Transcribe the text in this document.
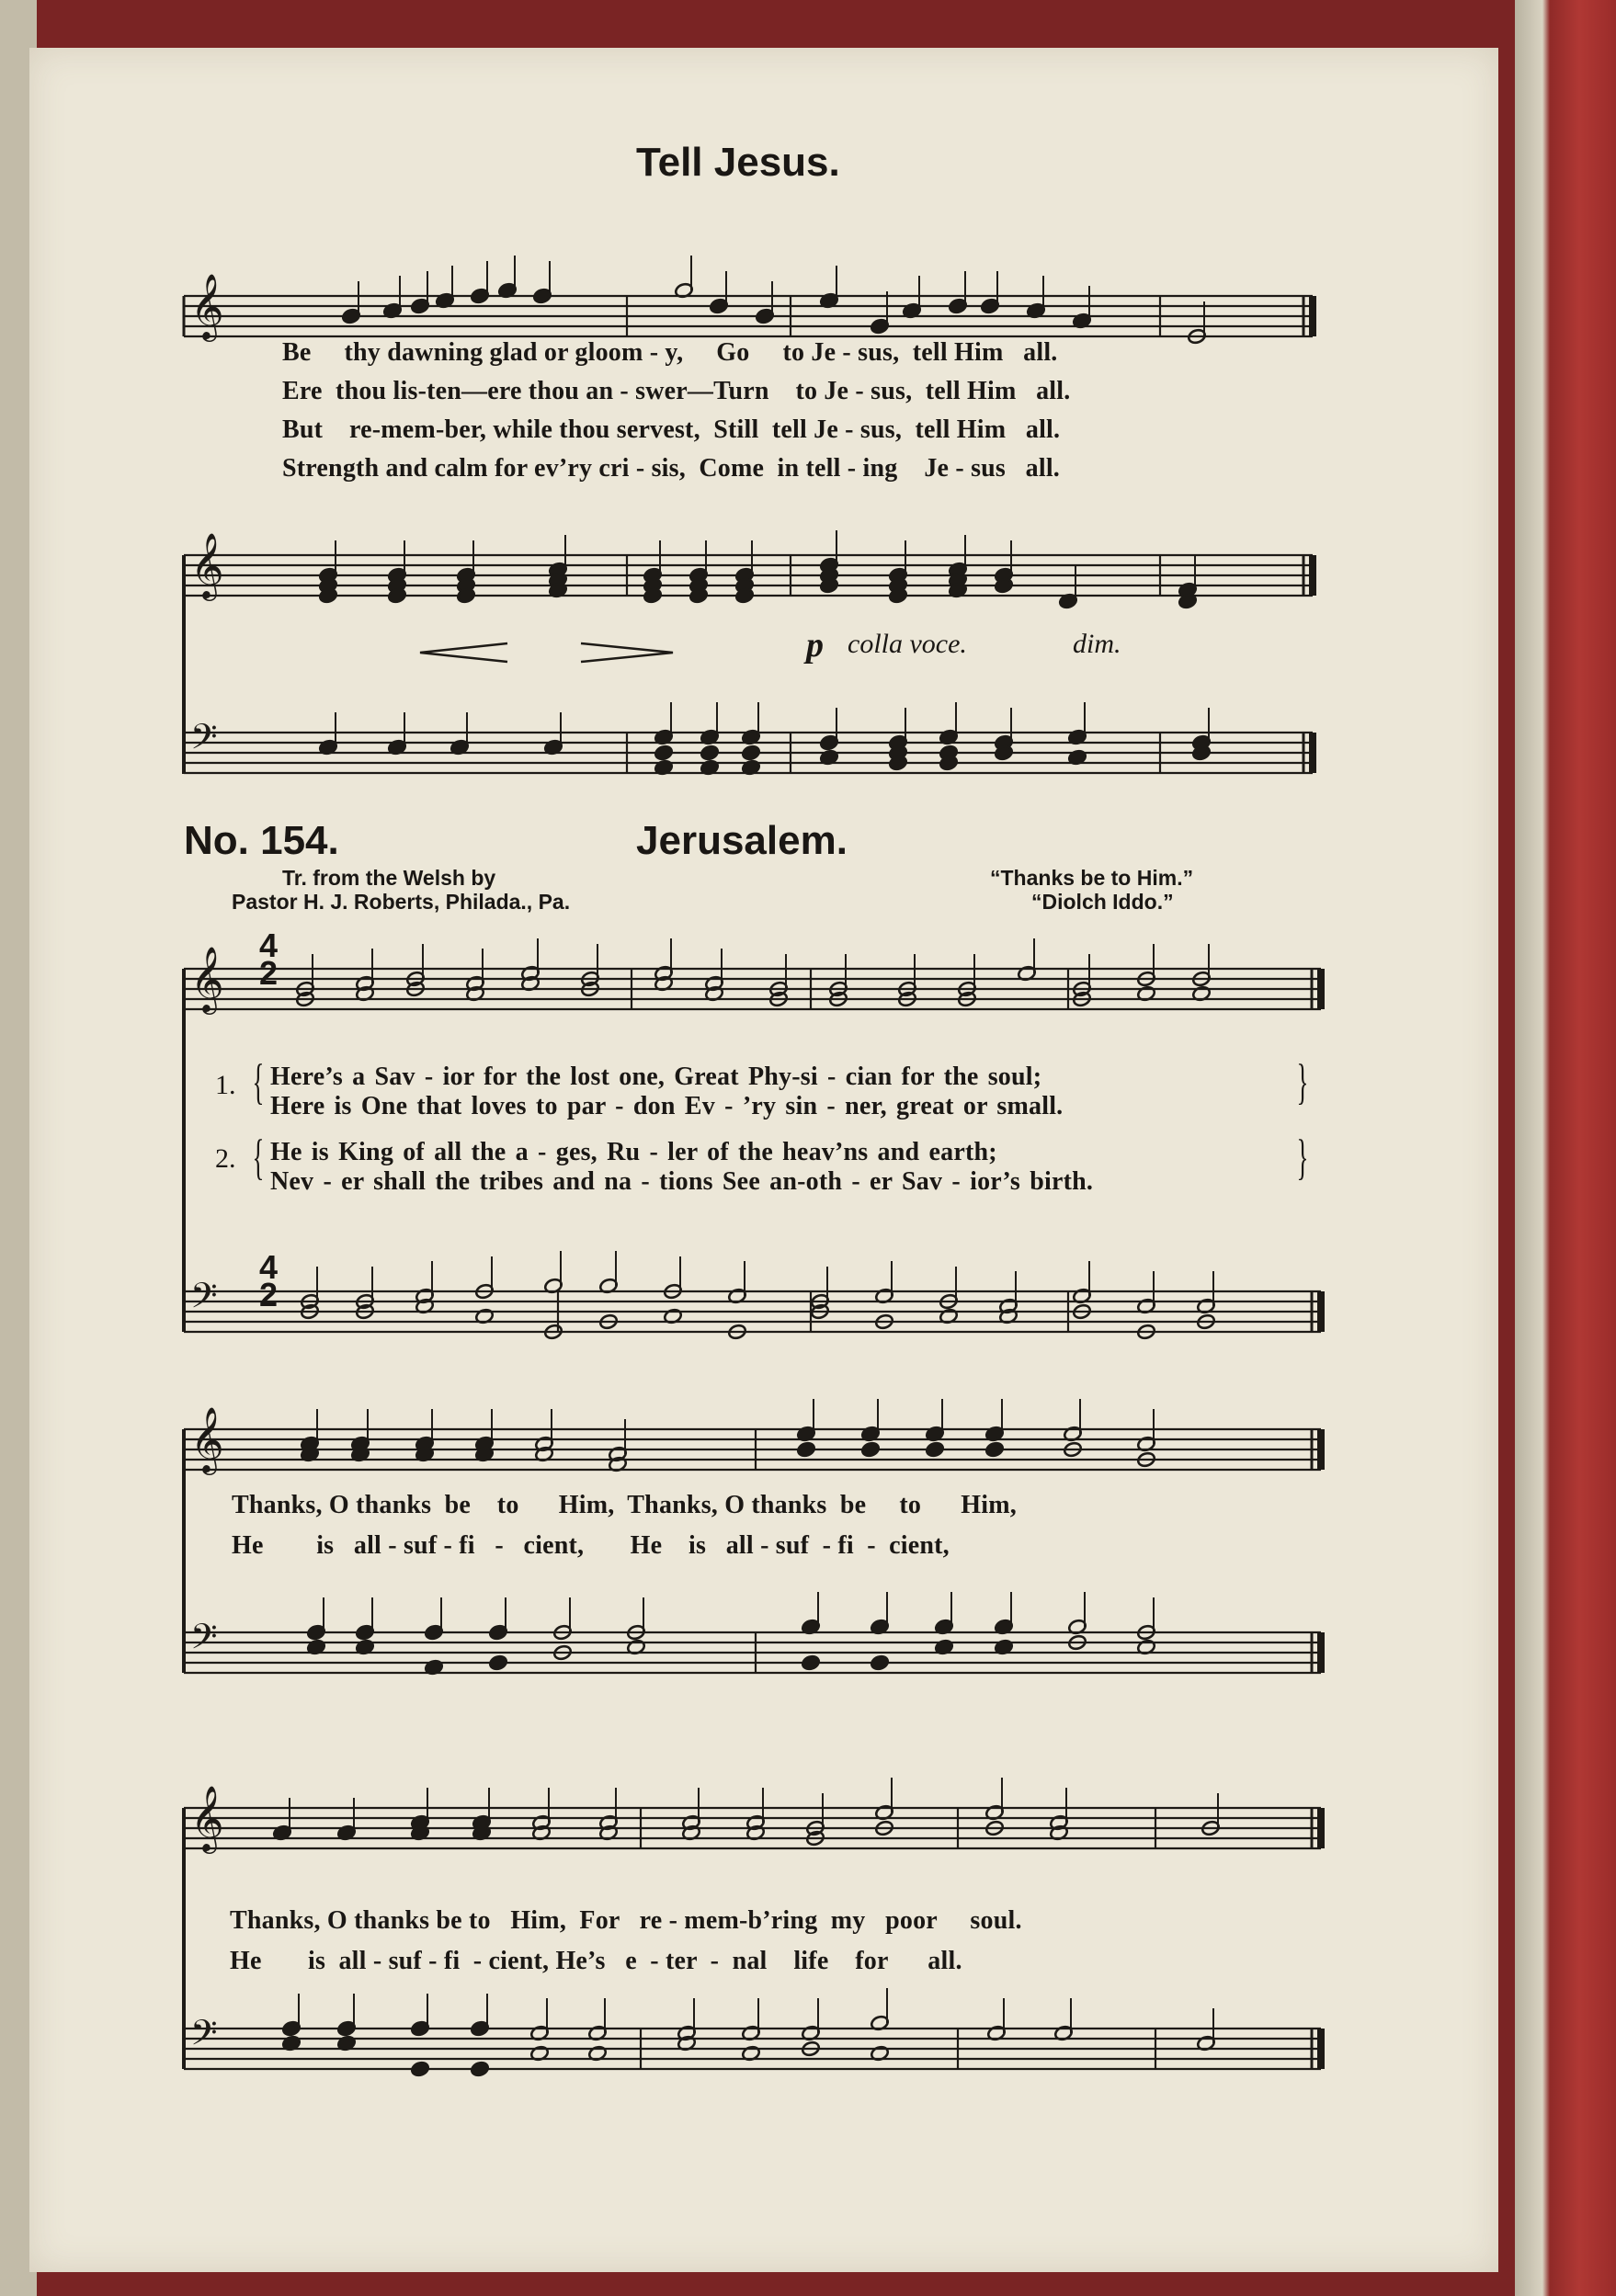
𝄞
𝄞
𝄢
𝄞
𝄢
𝄞
𝄢
𝄞
𝄢
Tell Jesus.
Be thy dawning glad or gloom - y, Go to Je - sus, tell Him all.
Ere thou lis-ten—ere thou an - swer—Turn to Je - sus, tell Him all.
But re-mem-ber, while thou servest, Still tell Je - sus, tell Him all.
Strength and calm for ev’ry cri - sis, Come in tell - ing Je - sus all.
p colla voce.	dim.
No. 154.	Jerusalem.
Tr. from the Welsh by
Pastor H. J. Roberts, Philada., Pa.
“Thanks be to Him.”
“Diolch Iddo.”
4
2
4
2
1.
2.
{
{
}
}
Here’s a Sav - ior for the lost one, Great Phy-si - cian for the soul;
Here is One that loves to par - don Ev - ’ry sin - ner, great or small.
He is King of all the a - ges, Ru - ler of the heav’ns and earth;
Nev - er shall the tribes and na - tions See an-oth - er Sav - ior’s birth.
Thanks, O thanks  be    to      Him,  Thanks, O thanks  be     to      Him,
He        is   all - suf - fi   -   cient,       He    is   all - suf  - fi  -  cient,
Thanks, O thanks be to   Him,  For   re - mem-b’ring  my   poor     soul.
He       is  all - suf - fi  - cient, He’s   e  - ter  -  nal    life    for      all.
